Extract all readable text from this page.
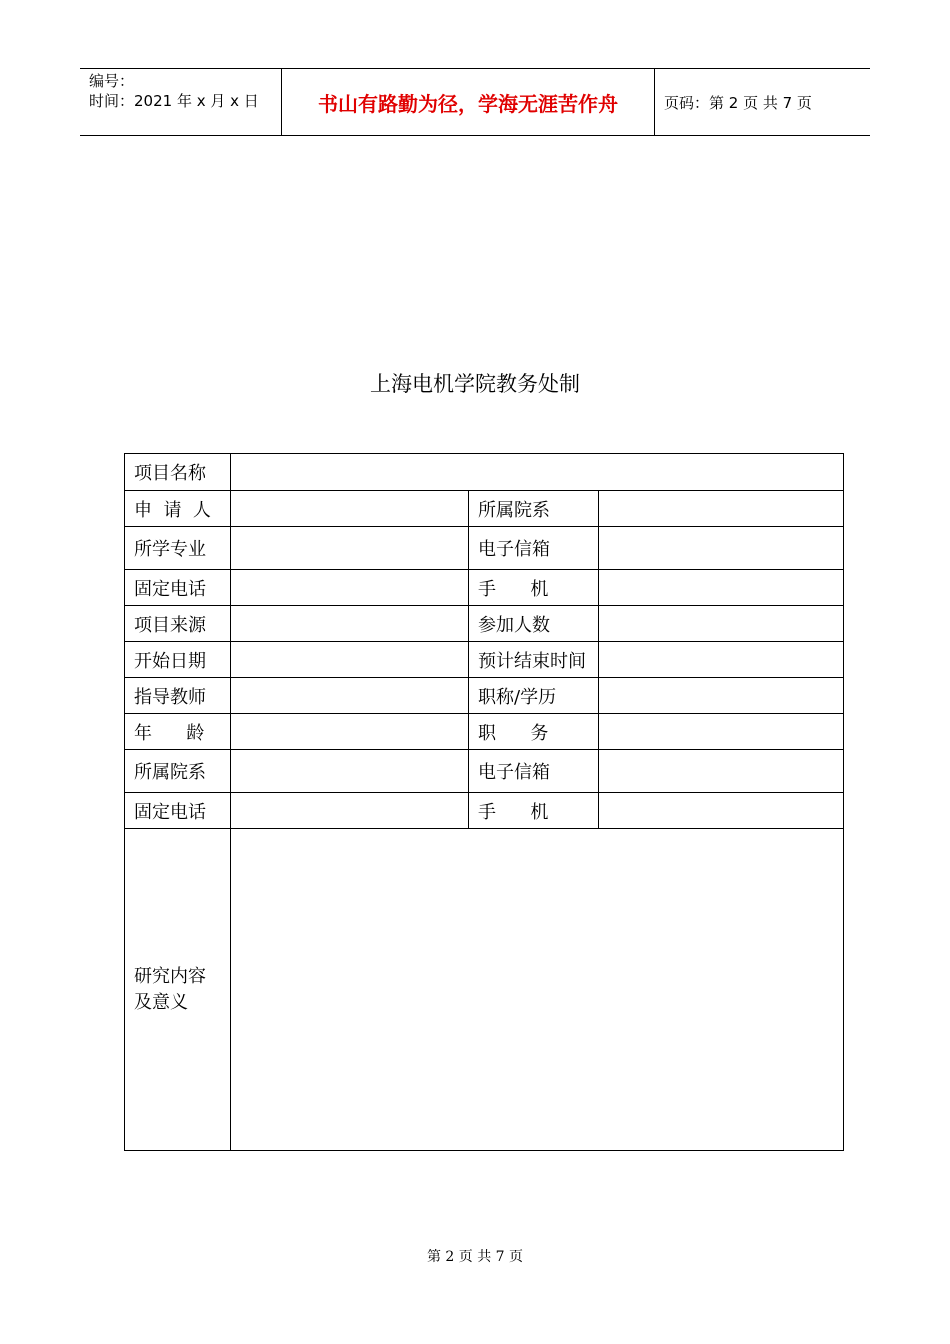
编号：
时间：2021 年 x 月 x 日	书山有路勤为径，学海无涯苦作舟	页码：第 2 页 共 7 页
上海电机学院教务处制
项目名称			
申  请  人		所属院系	
所学专业		电子信箱	
固定电话		手      机	
项目来源		参加人数	
开始日期		预计结束时间	
指导教师		职称/学历	
年      龄		职      务	
所属院系		电子信箱	
固定电话		手      机	
研究内容及意义			
第 2 页 共 7 页
